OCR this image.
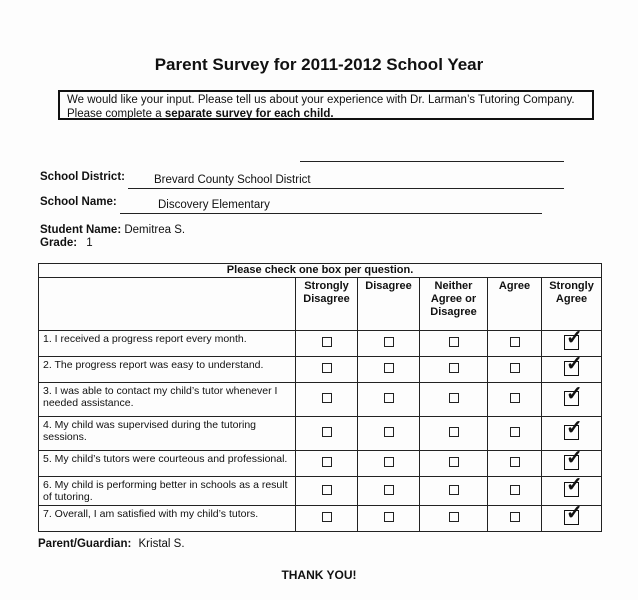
Parent Survey for 2011-2012 School Year
We would like your input. Please tell us about your experience with Dr. Larman’s Tutoring Company.
Please complete a separate survey for each child.
School District:	Brevard County School District
School Name:	Discovery Elementary
Student Name: Demitrea S.
Grade: 1
Please check one box per question.					
	Strongly Disagree	Disagree	Neither Agree or Disagree	Agree	Strongly Agree
1. I received a progress report every month.					✓

2. The progress report was easy to understand.					✓

3. I was able to contact my child’s tutor whenever I needed assistance.					✓

4. My child was supervised during the tutoring sessions.					✓

5. My child’s tutors were courteous and professional.					✓

6. My child is performing better in schools as a result of tutoring.					✓

7. Overall, I am satisfied with my child’s tutors.					✓
Parent/Guardian: Kristal S.
THANK YOU!
